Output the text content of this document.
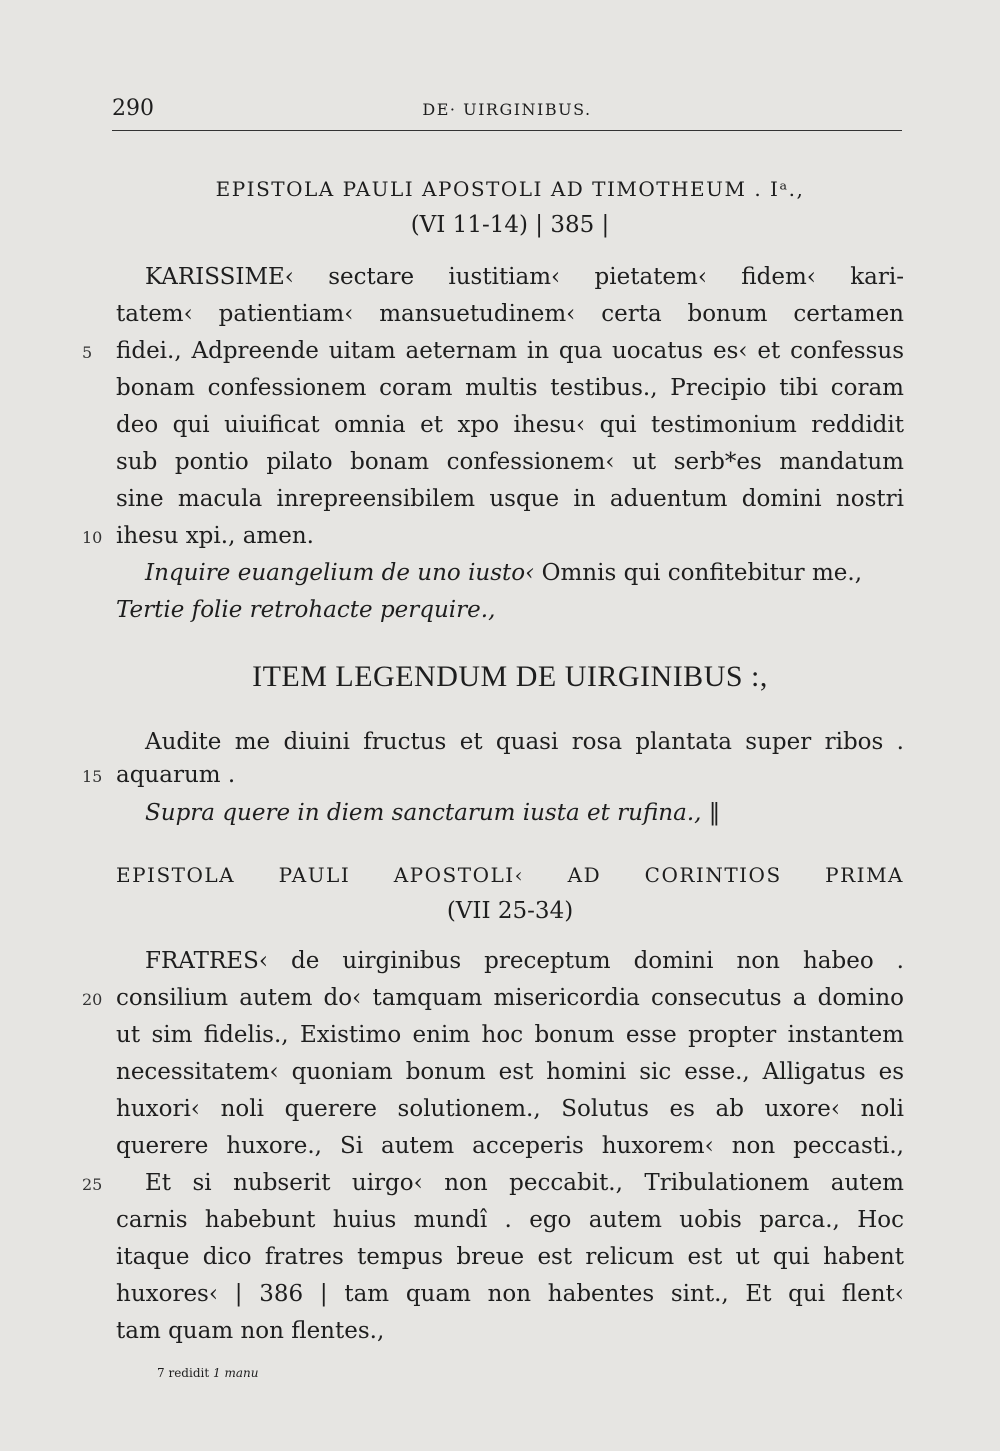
290	DE· UIRGINIBUS.
EPISTOLA PAULI APOSTOLI AD TIMOTHEUM . Iᵃ.,
(VI 11-14) | 385 |
KARISSIME‹ sectare iustitiam‹ pietatem‹ fidem‹ kari-
tatem‹ patientiam‹ mansuetudinem‹ certa bonum certamen
5 fidei., Adpreende uitam aeternam in qua uocatus es‹ et confessus
bonam confessionem coram multis testibus., Precipio tibi coram
deo qui uiuificat omnia et xpo ihesu‹ qui testimonium reddidit
sub pontio pilato bonam confessionem‹ ut serb*es mandatum
sine macula inrepreensibilem usque in aduentum domini nostri
10 ihesu xpi., amen.
Inquire euangelium de uno iusto‹ Omnis qui confitebitur me.,
Tertie folie retrohacte perquire.,
ITEM LEGENDUM DE UIRGINIBUS :,
Audite me diuini fructus et quasi rosa plantata super ribos .
15 aquarum .
Supra quere in diem sanctarum iusta et rufina., ‖
EPISTOLA PAULI APOSTOLI‹ AD CORINTIOS PRIMA
(VII 25-34)
FRATRES‹ de uirginibus preceptum domini non habeo .
20 consilium autem do‹ tamquam misericordia consecutus a domino
ut sim fidelis., Existimo enim hoc bonum esse propter instantem
necessitatem‹ quoniam bonum est homini sic esse., Alligatus es
huxori‹ noli querere solutionem., Solutus es ab uxore‹ noli
querere huxore., Si autem acceperis huxorem‹ non peccasti.,
25 Et si nubserit uirgo‹ non peccabit., Tribulationem autem
carnis habebunt huius mundî . ego autem uobis parca., Hoc
itaque dico fratres tempus breue est relicum est ut qui habent
huxores‹ | 386 | tam quam non habentes sint., Et qui flent‹
tam quam non flentes.,
7 redidit 1 manu
